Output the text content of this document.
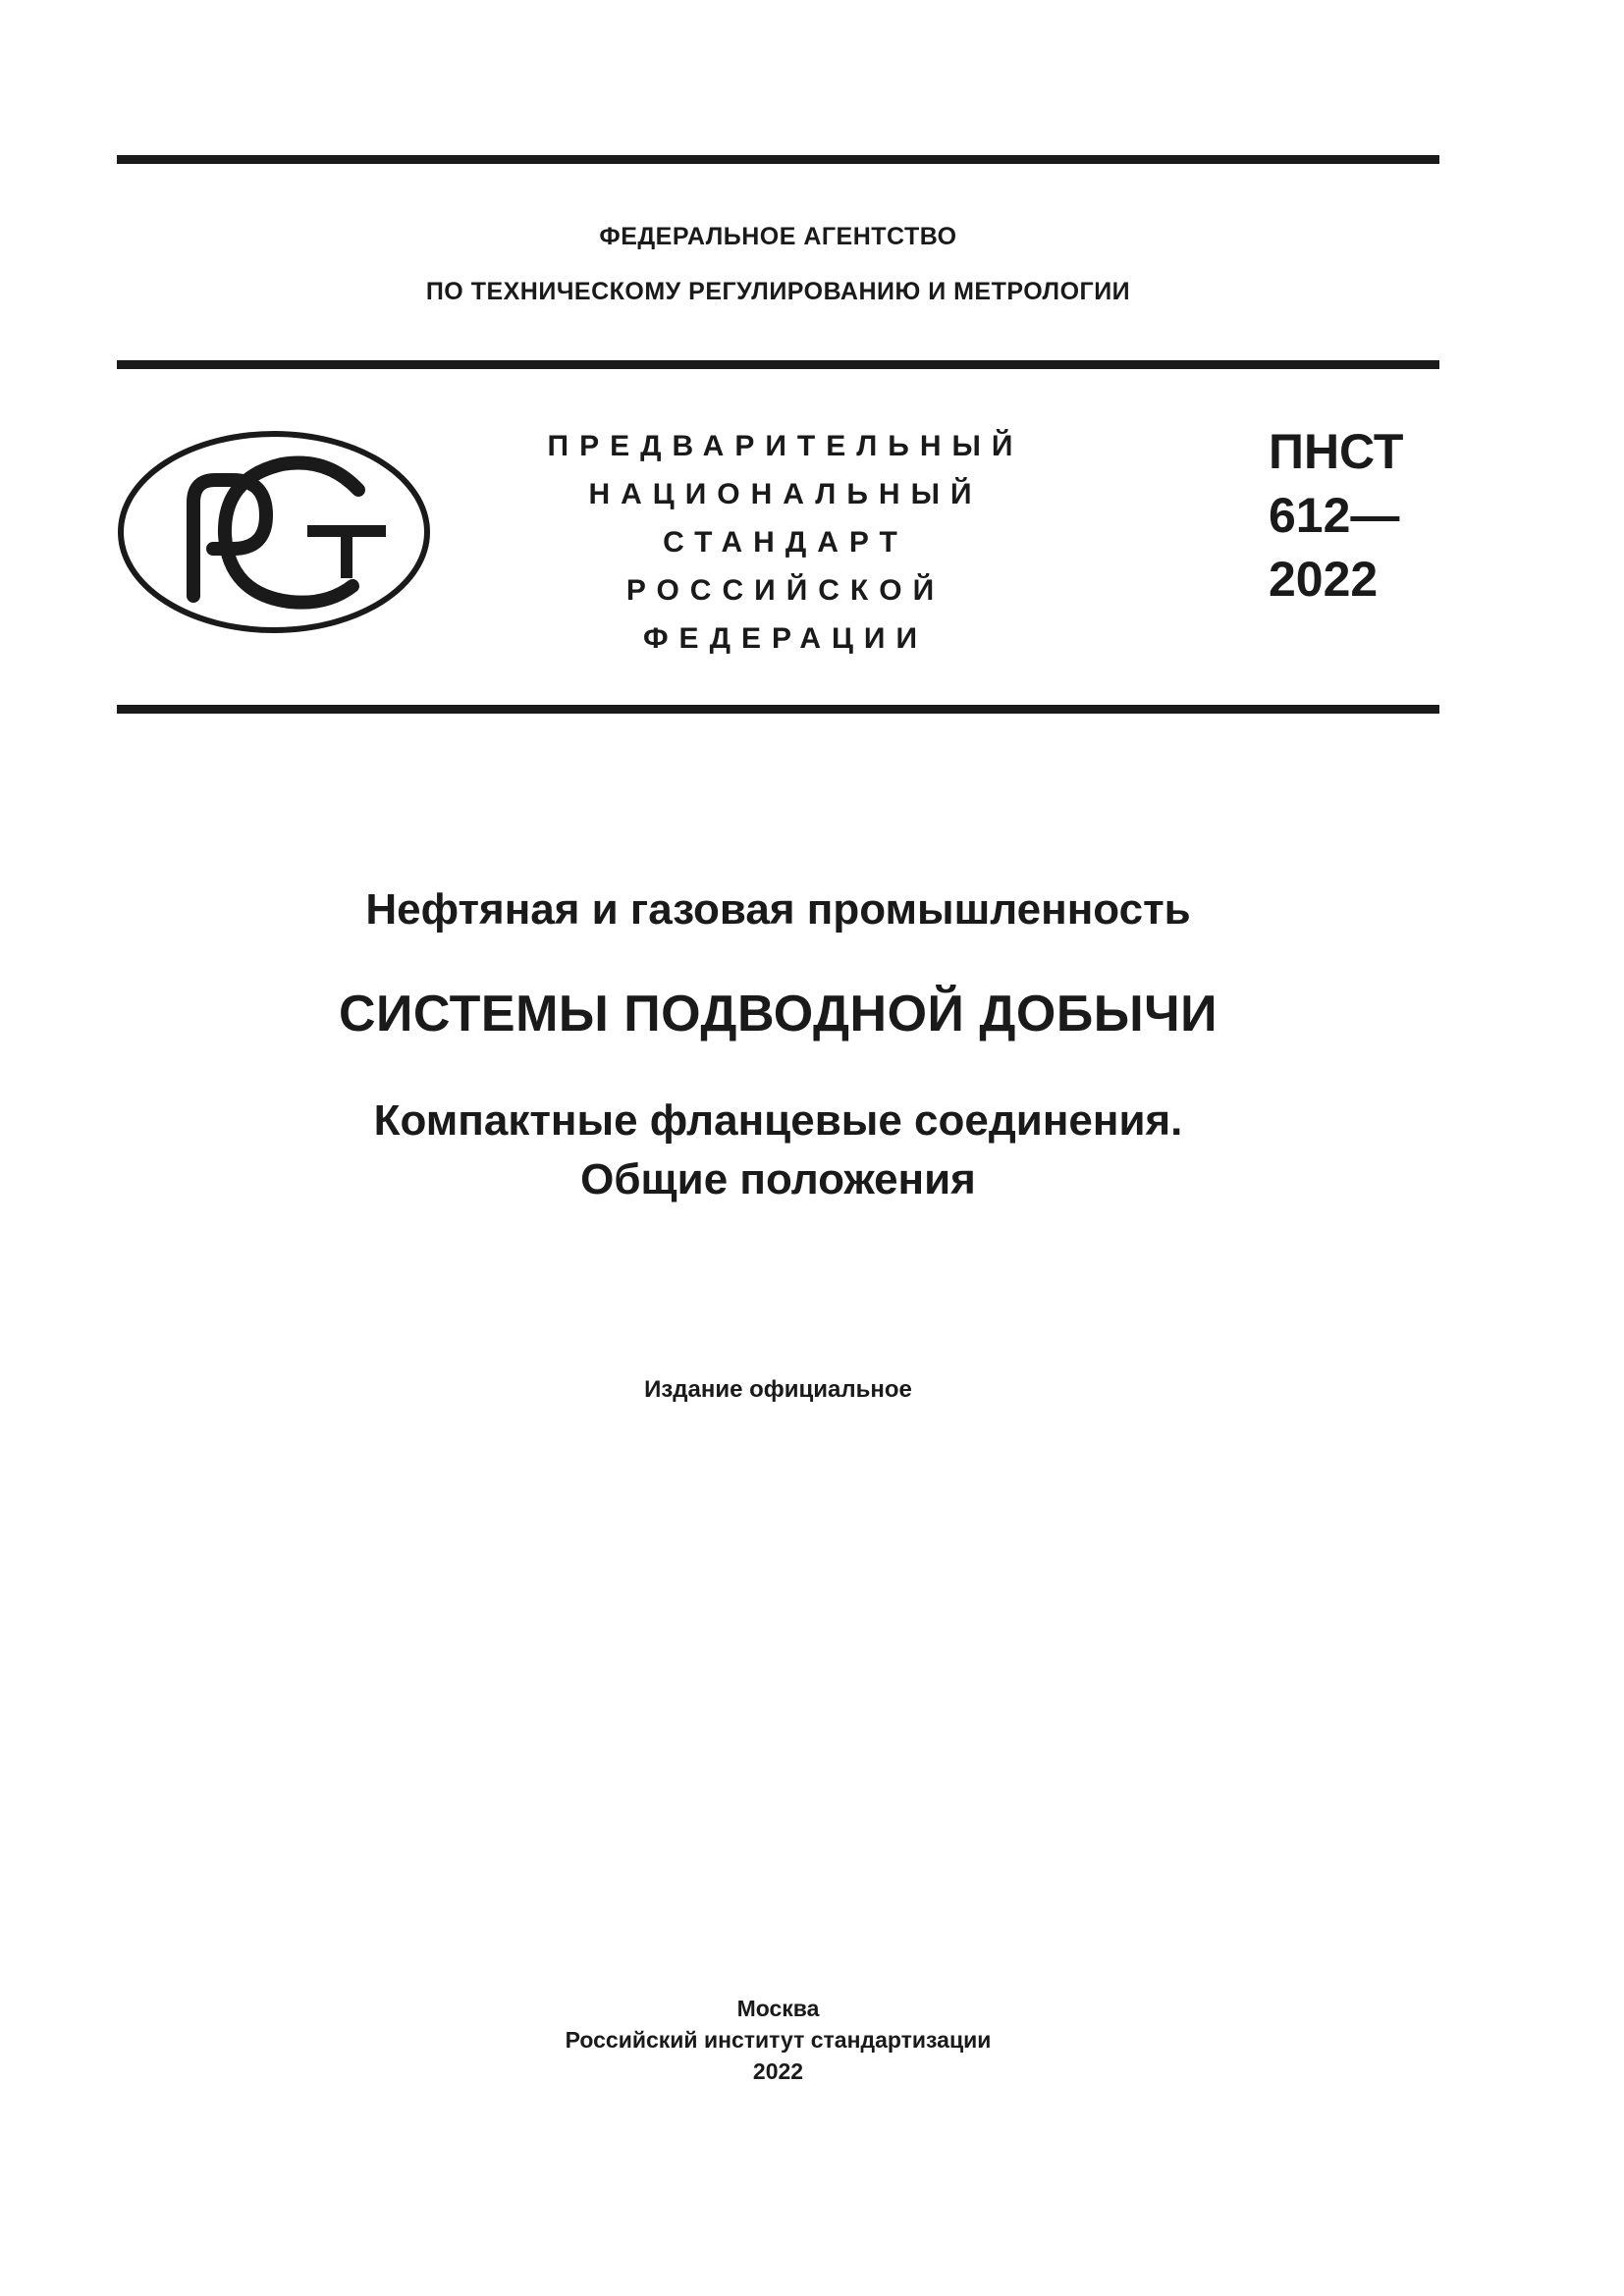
ФЕДЕРАЛЬНОЕ АГЕНТСТВО
ПО ТЕХНИЧЕСКОМУ РЕГУЛИРОВАНИЮ И МЕТРОЛОГИИ
ПРЕДВАРИТЕЛЬНЫЙ
НАЦИОНАЛЬНЫЙ
СТАНДАРТ
РОССИЙСКОЙ
ФЕДЕРАЦИИ
ПНСТ
612—
2022
Нефтяная и газовая промышленность
СИСТЕМЫ ПОДВОДНОЙ ДОБЫЧИ
Компактные фланцевые соединения.
Общие положения
Издание официальное
Москва
Российский институт стандартизации
2022
